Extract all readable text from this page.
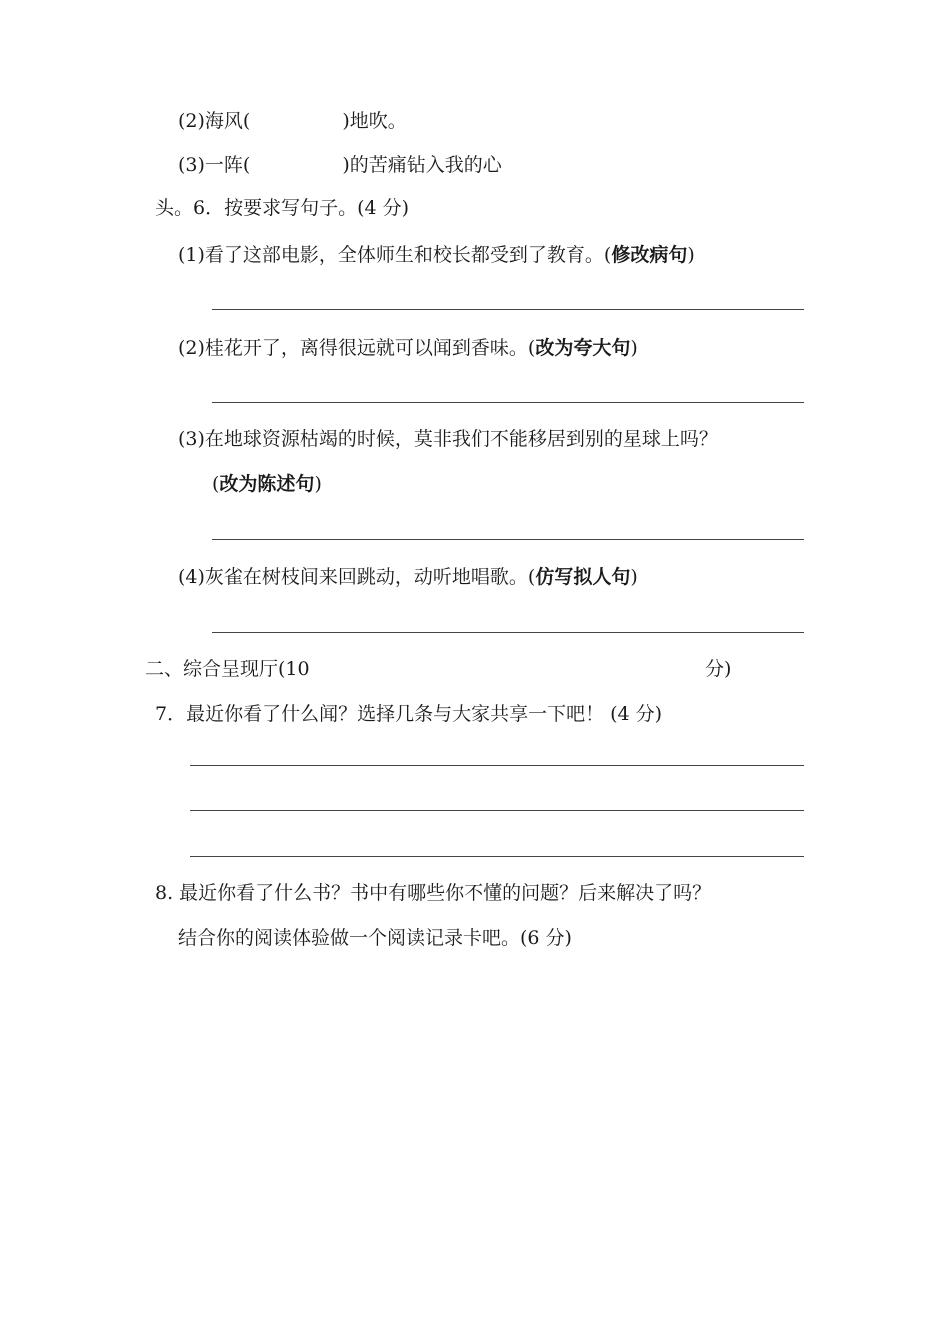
(2)海风(	)地吹。
(3)一阵(	)的苦痛钻入我的心
头。6．按要求写句子。(4 分)
(1)看了这部电影，全体师生和校长都受到了教育。(修改病句)
(2)桂花开了，离得很远就可以闻到香味。(改为夸大句)
(3)在地球资源枯竭的时候，莫非我们不能移居到别的星球上吗？
(改为陈述句)
(4)灰雀在树枝间来回跳动，动听地唱歌。(仿写拟人句)
二、综合呈现厅(10	分)
7．最近你看了什么闻？选择几条与大家共享一下吧！ (4 分)
8. 最近你看了什么书？书中有哪些你不懂的问题？后来解决了吗？
结合你的阅读体验做一个阅读记录卡吧。(6 分)
